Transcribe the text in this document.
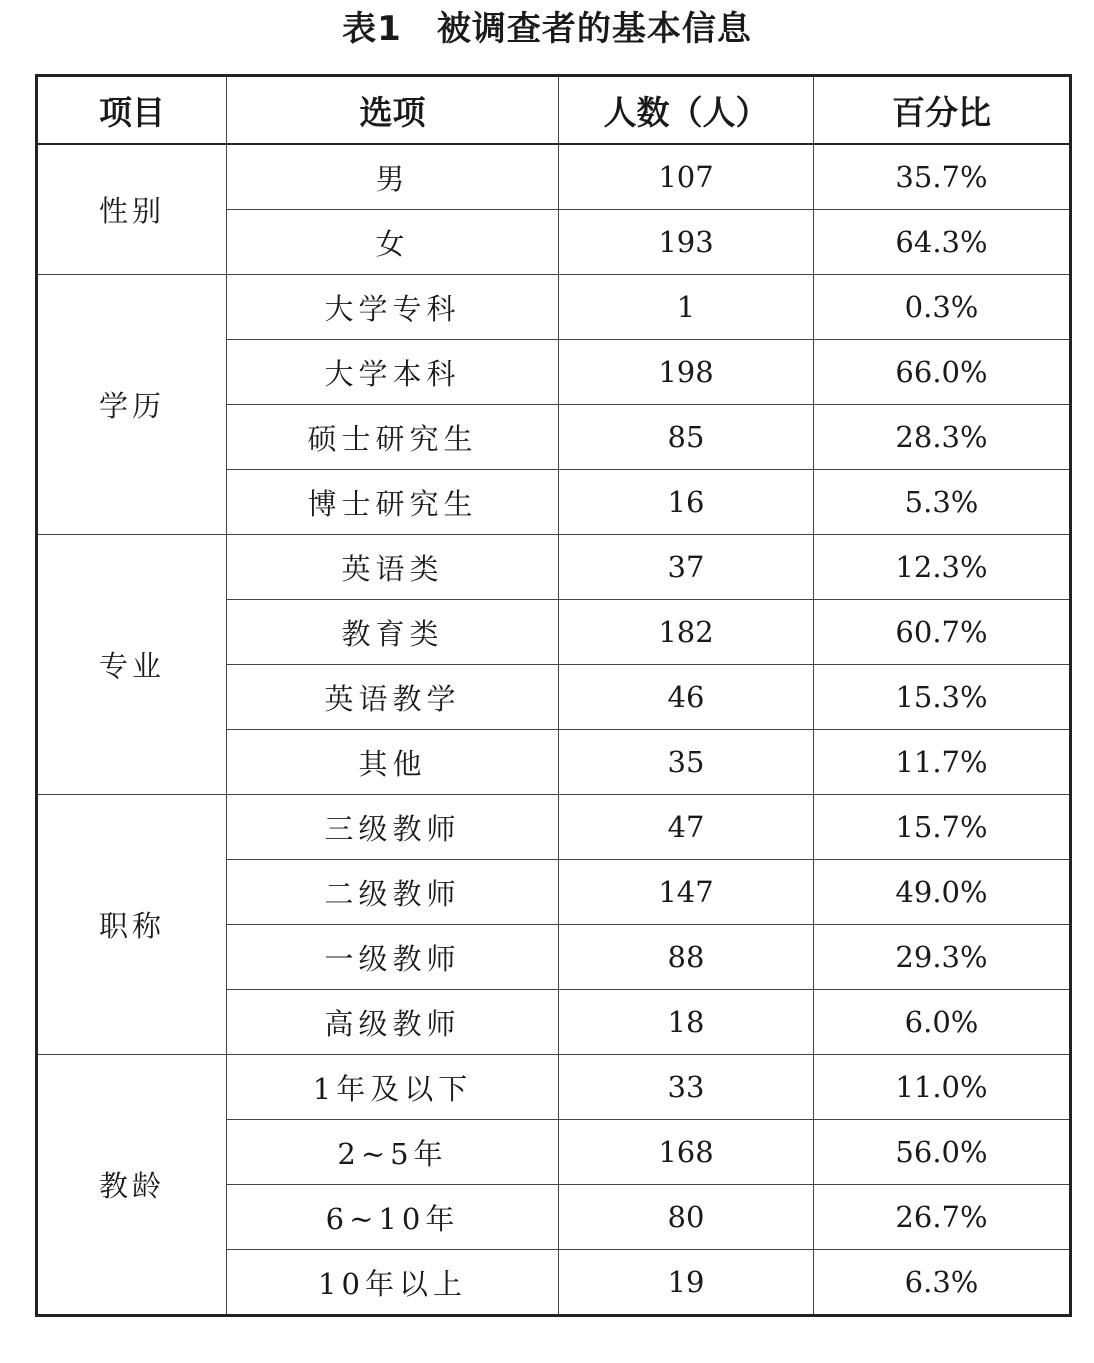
表1　被调查者的基本信息
项目	选项	人数（人）	百分比
性别	男	107	35.7%
	女	193	64.3%
学历	大学专科	1	0.3%
	大学本科	198	66.0%
	硕士研究生	85	28.3%
	博士研究生	16	5.3%
专业	英语类	37	12.3%
	教育类	182	60.7%
	英语教学	46	15.3%
	其他	35	11.7%
职称	三级教师	47	15.7%
	二级教师	147	49.0%
	一级教师	88	29.3%
	高级教师	18	6.0%
教龄	1年及以下	33	11.0%
	2~5年	168	56.0%
	6~10年	80	26.7%
	10年以上	19	6.3%
